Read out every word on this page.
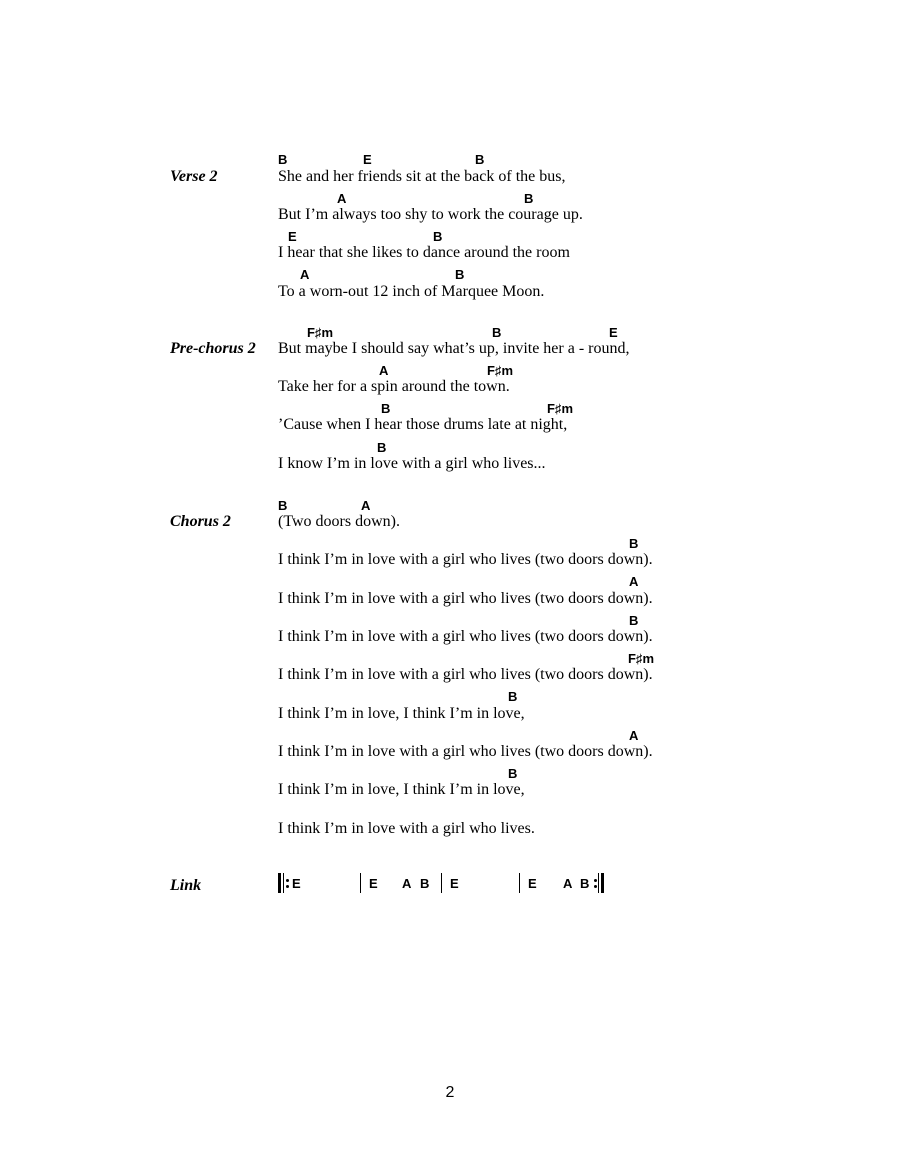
Verse 2
B	E	B
She and her friends sit at the back of the bus,
A	B
But I’m always too shy to work the courage up.
E	B
I hear that she likes to dance around the room
A	B
To a worn-out 12 inch of Marquee Moon.
Pre-chorus 2
F♯m	B	E
But maybe I should say what’s up, invite her a - round,
A	F♯m
Take her for a spin around the town.
B	F♯m
’Cause when I hear those drums late at night,
B
I know I’m in love with a girl who lives...
Chorus 2
B	A
(Two doors down).
B
I think I’m in love with a girl who lives (two doors down).
A
I think I’m in love with a girl who lives (two doors down).
B
I think I’m in love with a girl who lives (two doors down).
F♯m
I think I’m in love with a girl who lives (two doors down).
B
I think I’m in love, I think I’m in love,
A
I think I’m in love with a girl who lives (two doors down).
B
I think I’m in love, I think I’m in love,
I think I’m in love with a girl who lives.
Link	E	E A B E	E A B
2
